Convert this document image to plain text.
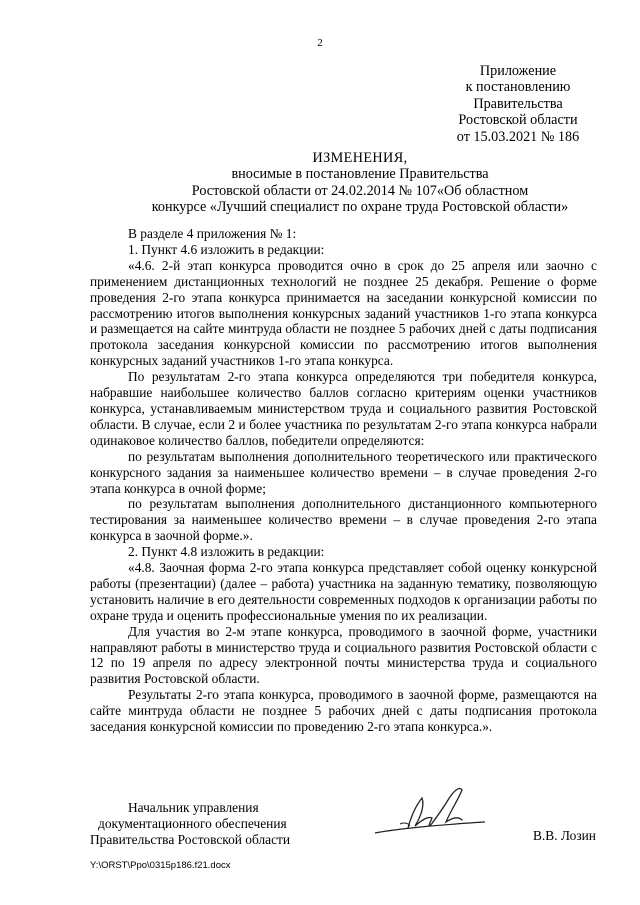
2
Приложение
к постановлению
Правительства
Ростовской области
от 15.03.2021 № 186
ИЗМЕНЕНИЯ,
вносимые в постановление Правительства
Ростовской области от 24.02.2014 № 107«Об областном
конкурсе «Лучший специалист по охране труда Ростовской области»

В разделе 4 приложения № 1:

1. Пункт 4.6 изложить в редакции:

«4.6. 2-й этап конкурса проводится очно в срок до 25 апреля или заочно с применением дистанционных технологий не позднее 25 декабря. Решение о форме проведения 2-го этапа конкурса принимается на заседании конкурсной комиссии по рассмотрению итогов выполнения конкурсных заданий участников 1-го этапа конкурса и размещается на сайте минтруда области не позднее 5 рабочих дней с даты подписания протокола заседания конкурсной комиссии по рассмотрению итогов выполнения конкурсных заданий участников 1-го этапа конкурса.

По результатам 2-го этапа конкурса определяются три победителя конкурса, набравшие наибольшее количество баллов согласно критериям оценки участников конкурса, устанавливаемым министерством труда и социального развития Ростовской области. В случае, если 2 и более участника по результатам 2-го этапа конкурса набрали одинаковое количество баллов, победители определяются:

по результатам выполнения дополнительного теоретического или практического конкурсного задания за наименьшее количество времени – в случае проведения 2-го этапа конкурса в очной форме;

по результатам выполнения дополнительного дистанционного компьютерного тестирования за наименьшее количество времени – в случае проведения 2-го этапа конкурса в заочной форме.».

2. Пункт 4.8 изложить в редакции:

«4.8. Заочная форма 2-го этапа конкурса представляет собой оценку конкурсной работы (презентации) (далее – работа) участника на заданную тематику, позволяющую установить наличие в его деятельности современных подходов к организации работы по охране труда и оценить профессиональные умения по их реализации.

Для участия во 2-м этапе конкурса, проводимого в заочной форме, участники направляют работы в министерство труда и социального развития Ростовской области с 12 по 19 апреля по адресу электронной почты министерства труда и социального развития Ростовской области.

Результаты 2-го этапа конкурса, проводимого в заочной форме, размещаются на сайте минтруда области не позднее 5 рабочих дней с даты подписания протокола заседания конкурсной комиссии по проведению 2-го этапа конкурса.».

Начальник управления
документационного обеспечения
Правительства Ростовской области	В.В. Лозин
Y:\ORST\Ppo\0315p186.f21.docx
